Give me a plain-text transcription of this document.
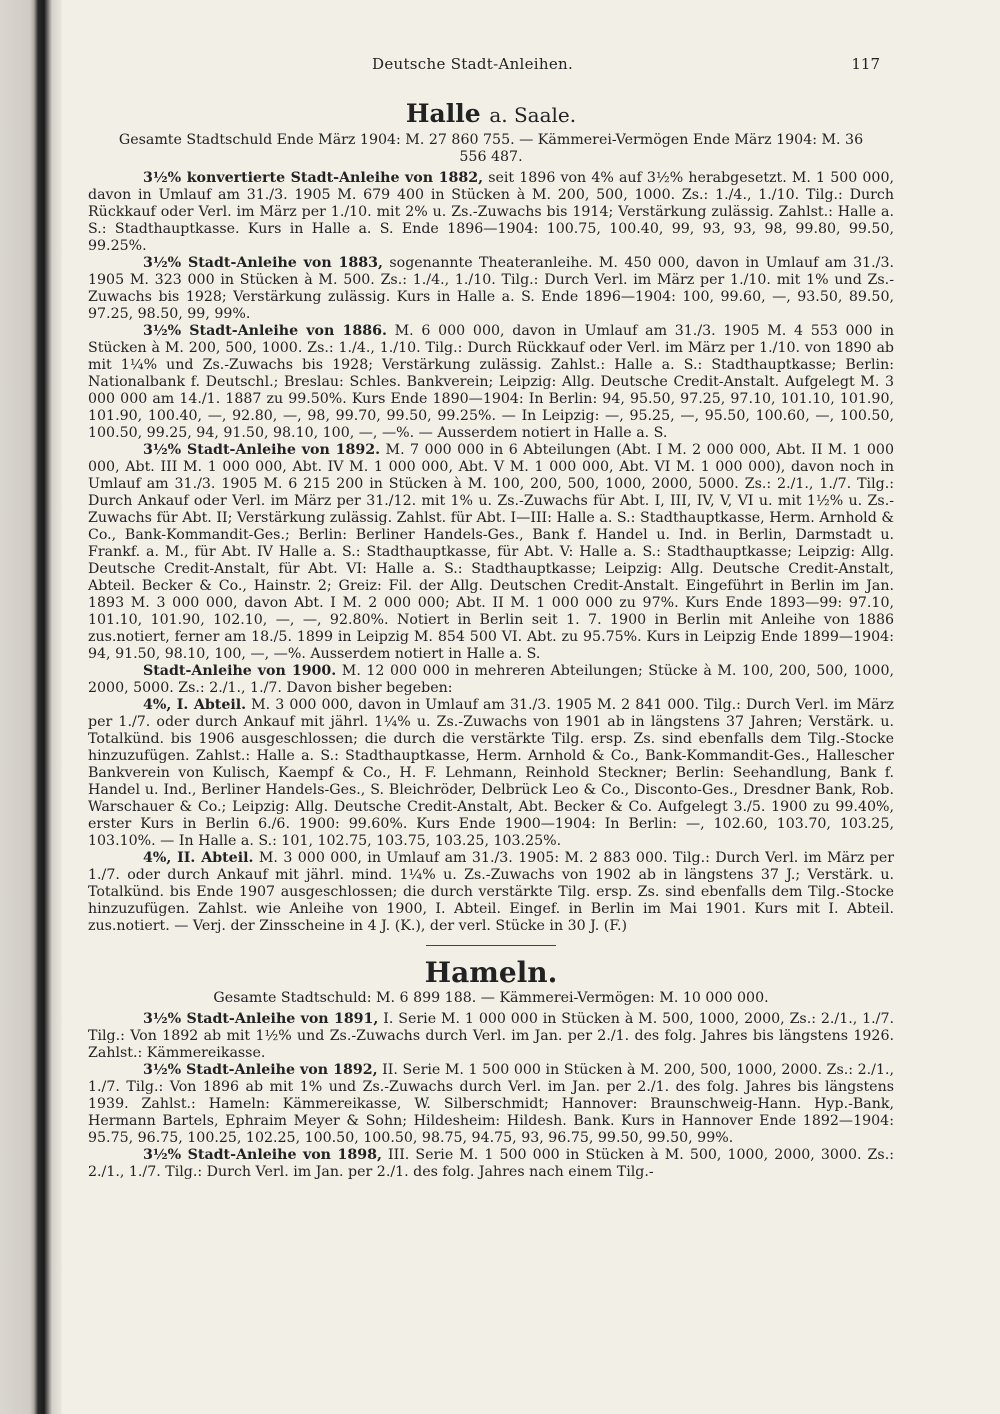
Deutsche Stadt-Anleihen.	117
Halle a. Saale.
Gesamte Stadtschuld Ende März 1904: M. 27 860 755. — Kämmerei-Vermögen Ende März 1904: M. 36 556 487.

3½% konvertierte Stadt-Anleihe von 1882, seit 1896 von 4% auf 3½% herabgesetzt. M. 1 500 000, davon in Umlauf am 31./3. 1905 M. 679 400 in Stücken à M. 200, 500, 1000. Zs.: 1./4., 1./10. Tilg.: Durch Rückkauf oder Verl. im März per 1./10. mit 2% u. Zs.-Zuwachs bis 1914; Verstärkung zulässig. Zahlst.: Halle a. S.: Stadthauptkasse. Kurs in Halle a. S. Ende 1896—1904: 100.75, 100.40, 99, 93, 93, 98, 99.80, 99.50, 99.25%.

3½% Stadt-Anleihe von 1883, sogenannte Theateranleihe. M. 450 000, davon in Umlauf am 31./3. 1905 M. 323 000 in Stücken à M. 500. Zs.: 1./4., 1./10. Tilg.: Durch Verl. im März per 1./10. mit 1% und Zs.-Zuwachs bis 1928; Verstärkung zulässig. Kurs in Halle a. S. Ende 1896—1904: 100, 99.60, —, 93.50, 89.50, 97.25, 98.50, 99, 99%.

3½% Stadt-Anleihe von 1886. M. 6 000 000, davon in Umlauf am 31./3. 1905 M. 4 553 000 in Stücken à M. 200, 500, 1000. Zs.: 1./4., 1./10. Tilg.: Durch Rückkauf oder Verl. im März per 1./10. von 1890 ab mit 1¼% und Zs.-Zuwachs bis 1928; Verstärkung zulässig. Zahlst.: Halle a. S.: Stadthauptkasse; Berlin: Nationalbank f. Deutschl.; Breslau: Schles. Bankverein; Leipzig: Allg. Deutsche Credit-Anstalt. Aufgelegt M. 3 000 000 am 14./1. 1887 zu 99.50%. Kurs Ende 1890—1904: In Berlin: 94, 95.50, 97.25, 97.10, 101.10, 101.90, 101.90, 100.40, —, 92.80, —, 98, 99.70, 99.50, 99.25%. — In Leipzig: —, 95.25, —, 95.50, 100.60, —, 100.50, 100.50, 99.25, 94, 91.50, 98.10, 100, —, —%. — Ausserdem notiert in Halle a. S.

3½% Stadt-Anleihe von 1892. M. 7 000 000 in 6 Abteilungen (Abt. I M. 2 000 000, Abt. II M. 1 000 000, Abt. III M. 1 000 000, Abt. IV M. 1 000 000, Abt. V M. 1 000 000, Abt. VI M. 1 000 000), davon noch in Umlauf am 31./3. 1905 M. 6 215 200 in Stücken à M. 100, 200, 500, 1000, 2000, 5000. Zs.: 2./1., 1./7. Tilg.: Durch Ankauf oder Verl. im März per 31./12. mit 1% u. Zs.-Zuwachs für Abt. I, III, IV, V, VI u. mit 1½% u. Zs.-Zuwachs für Abt. II; Verstärkung zulässig. Zahlst. für Abt. I—III: Halle a. S.: Stadthauptkasse, Herm. Arnhold & Co., Bank-Kommandit-Ges.; Berlin: Berliner Handels-Ges., Bank f. Handel u. Ind. in Berlin, Darmstadt u. Frankf. a. M., für Abt. IV Halle a. S.: Stadthauptkasse, für Abt. V: Halle a. S.: Stadthauptkasse; Leipzig: Allg. Deutsche Credit-Anstalt, für Abt. VI: Halle a. S.: Stadthauptkasse; Leipzig: Allg. Deutsche Credit-Anstalt, Abteil. Becker & Co., Hainstr. 2; Greiz: Fil. der Allg. Deutschen Credit-Anstalt. Eingeführt in Berlin im Jan. 1893 M. 3 000 000, davon Abt. I M. 2 000 000; Abt. II M. 1 000 000 zu 97%. Kurs Ende 1893—99: 97.10, 101.10, 101.90, 102.10, —, —, 92.80%. Notiert in Berlin seit 1. 7. 1900 in Berlin mit Anleihe von 1886 zus.notiert, ferner am 18./5. 1899 in Leipzig M. 854 500 VI. Abt. zu 95.75%. Kurs in Leipzig Ende 1899—1904: 94, 91.50, 98.10, 100, —, —%. Ausserdem notiert in Halle a. S.

Stadt-Anleihe von 1900. M. 12 000 000 in mehreren Abteilungen; Stücke à M. 100, 200, 500, 1000, 2000, 5000. Zs.: 2./1., 1./7. Davon bisher begeben:

4%, I. Abteil. M. 3 000 000, davon in Umlauf am 31./3. 1905 M. 2 841 000. Tilg.: Durch Verl. im März per 1./7. oder durch Ankauf mit jährl. 1¼% u. Zs.-Zuwachs von 1901 ab in längstens 37 Jahren; Verstärk. u. Totalkünd. bis 1906 ausgeschlossen; die durch die verstärkte Tilg. ersp. Zs. sind ebenfalls dem Tilg.-Stocke hinzuzufügen. Zahlst.: Halle a. S.: Stadthauptkasse, Herm. Arnhold & Co., Bank-Kommandit-Ges., Hallescher Bankverein von Kulisch, Kaempf & Co., H. F. Lehmann, Reinhold Steckner; Berlin: Seehandlung, Bank f. Handel u. Ind., Berliner Handels-Ges., S. Bleichröder, Delbrück Leo & Co., Disconto-Ges., Dresdner Bank, Rob. Warschauer & Co.; Leipzig: Allg. Deutsche Credit-Anstalt, Abt. Becker & Co. Aufgelegt 3./5. 1900 zu 99.40%, erster Kurs in Berlin 6./6. 1900: 99.60%. Kurs Ende 1900—1904: In Berlin: —, 102.60, 103.70, 103.25, 103.10%. — In Halle a. S.: 101, 102.75, 103.75, 103.25, 103.25%.

4%, II. Abteil. M. 3 000 000, in Umlauf am 31./3. 1905: M. 2 883 000. Tilg.: Durch Verl. im März per 1./7. oder durch Ankauf mit jährl. mind. 1¼% u. Zs.-Zuwachs von 1902 ab in längstens 37 J.; Verstärk. u. Totalkünd. bis Ende 1907 ausgeschlossen; die durch verstärkte Tilg. ersp. Zs. sind ebenfalls dem Tilg.-Stocke hinzuzufügen. Zahlst. wie Anleihe von 1900, I. Abteil. Eingef. in Berlin im Mai 1901. Kurs mit I. Abteil. zus.notiert. — Verj. der Zinsscheine in 4 J. (K.), der verl. Stücke in 30 J. (F.)

Hameln.
Gesamte Stadtschuld: M. 6 899 188. — Kämmerei-Vermögen: M. 10 000 000.

3½% Stadt-Anleihe von 1891, I. Serie M. 1 000 000 in Stücken à M. 500, 1000, 2000, Zs.: 2./1., 1./7. Tilg.: Von 1892 ab mit 1½% und Zs.-Zuwachs durch Verl. im Jan. per 2./1. des folg. Jahres bis längstens 1926. Zahlst.: Kämmereikasse.

3½% Stadt-Anleihe von 1892, II. Serie M. 1 500 000 in Stücken à M. 200, 500, 1000, 2000. Zs.: 2./1., 1./7. Tilg.: Von 1896 ab mit 1% und Zs.-Zuwachs durch Verl. im Jan. per 2./1. des folg. Jahres bis längstens 1939. Zahlst.: Hameln: Kämmereikasse, W. Silberschmidt; Hannover: Braunschweig-Hann. Hyp.-Bank, Hermann Bartels, Ephraim Meyer & Sohn; Hildesheim: Hildesh. Bank. Kurs in Hannover Ende 1892—1904: 95.75, 96.75, 100.25, 102.25, 100.50, 100.50, 98.75, 94.75, 93, 96.75, 99.50, 99.50, 99%.

3½% Stadt-Anleihe von 1898, III. Serie M. 1 500 000 in Stücken à M. 500, 1000, 2000, 3000. Zs.: 2./1., 1./7. Tilg.: Durch Verl. im Jan. per 2./1. des folg. Jahres nach einem Tilg.-
